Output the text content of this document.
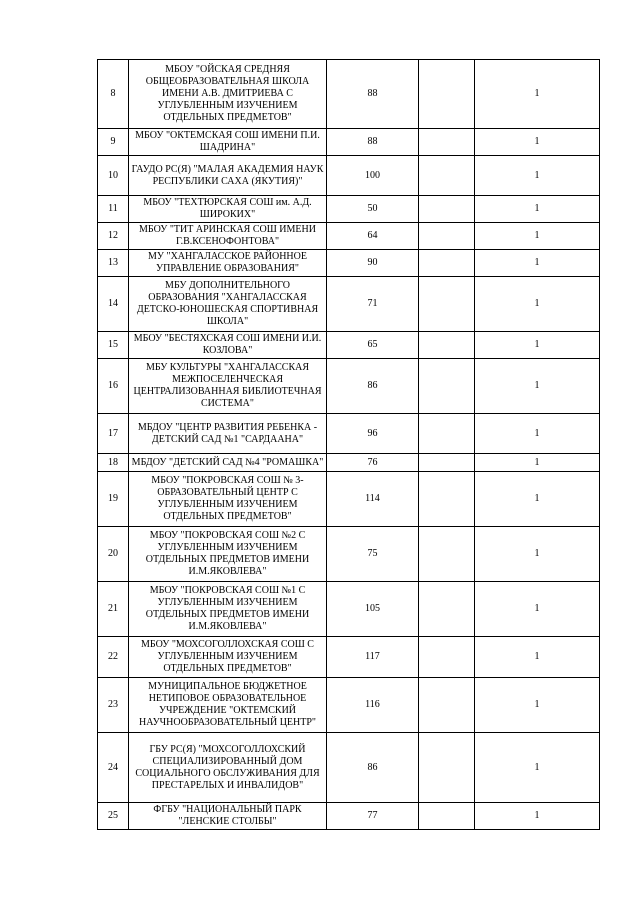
8	МБОУ "ОЙСКАЯ СРЕДНЯЯ ОБЩЕОБРАЗОВАТЕЛЬНАЯ ШКОЛА ИМЕНИ А.В. ДМИТРИЕВА С УГЛУБЛЕННЫМ ИЗУЧЕНИЕМ ОТДЕЛЬНЫХ ПРЕДМЕТОВ"	88		1
9	МБОУ "ОКТЕМСКАЯ СОШ ИМЕНИ П.И. ШАДРИНА"	88		1
10	ГАУДО РС(Я) "МАЛАЯ АКАДЕМИЯ НАУК РЕСПУБЛИКИ САХА (ЯКУТИЯ)"	100		1
11	МБОУ "ТЕХТЮРСКАЯ СОШ им. А.Д. ШИРОКИХ"	50		1
12	МБОУ "ТИТ АРИНСКАЯ СОШ ИМЕНИ Г.В.КСЕНОФОНТОВА"	64		1
13	МУ "ХАНГАЛАССКОЕ РАЙОННОЕ УПРАВЛЕНИЕ ОБРАЗОВАНИЯ"	90		1
14	МБУ ДОПОЛНИТЕЛЬНОГО ОБРАЗОВАНИЯ "ХАНГАЛАССКАЯ ДЕТСКО-ЮНОШЕСКАЯ СПОРТИВНАЯ ШКОЛА"	71		1
15	МБОУ "БЕСТЯХСКАЯ СОШ ИМЕНИ И.И. КОЗЛОВА"	65		1
16	МБУ КУЛЬТУРЫ "ХАНГАЛАССКАЯ МЕЖПОСЕЛЕНЧЕСКАЯ ЦЕНТРАЛИЗОВАННАЯ БИБЛИОТЕЧНАЯ СИСТЕМА"	86		1
17	МБДОУ "ЦЕНТР РАЗВИТИЯ РЕБЕНКА - ДЕТСКИЙ САД №1 "САРДААНА"	96		1
18	МБДОУ "ДЕТСКИЙ САД №4 "РОМАШКА"	76		1
19	МБОУ "ПОКРОВСКАЯ СОШ № 3-ОБРАЗОВАТЕЛЬНЫЙ ЦЕНТР С УГЛУБЛЕННЫМ ИЗУЧЕНИЕМ ОТДЕЛЬНЫХ ПРЕДМЕТОВ"	114		1
20	МБОУ "ПОКРОВСКАЯ СОШ №2 С УГЛУБЛЕННЫМ ИЗУЧЕНИЕМ ОТДЕЛЬНЫХ ПРЕДМЕТОВ ИМЕНИ И.М.ЯКОВЛЕВА"	75		1
21	МБОУ "ПОКРОВСКАЯ СОШ №1 С УГЛУБЛЕННЫМ ИЗУЧЕНИЕМ ОТДЕЛЬНЫХ ПРЕДМЕТОВ ИМЕНИ И.М.ЯКОВЛЕВА"	105		1
22	МБОУ "МОХСОГОЛЛОХСКАЯ СОШ С УГЛУБЛЕННЫМ ИЗУЧЕНИЕМ ОТДЕЛЬНЫХ ПРЕДМЕТОВ"	117		1
23	МУНИЦИПАЛЬНОЕ БЮДЖЕТНОЕ НЕТИПОВОЕ ОБРАЗОВАТЕЛЬНОЕ УЧРЕЖДЕНИЕ "ОКТЕМСКИЙ НАУЧНООБРАЗОВАТЕЛЬНЫЙ ЦЕНТР"	116		1
24	ГБУ РС(Я) "МОХСОГОЛЛОХСКИЙ СПЕЦИАЛИЗИРОВАННЫЙ ДОМ СОЦИАЛЬНОГО ОБСЛУЖИВАНИЯ ДЛЯ ПРЕСТАРЕЛЫХ И ИНВАЛИДОВ"	86		1
25	ФГБУ "НАЦИОНАЛЬНЫЙ ПАРК "ЛЕНСКИЕ СТОЛБЫ"	77		1
